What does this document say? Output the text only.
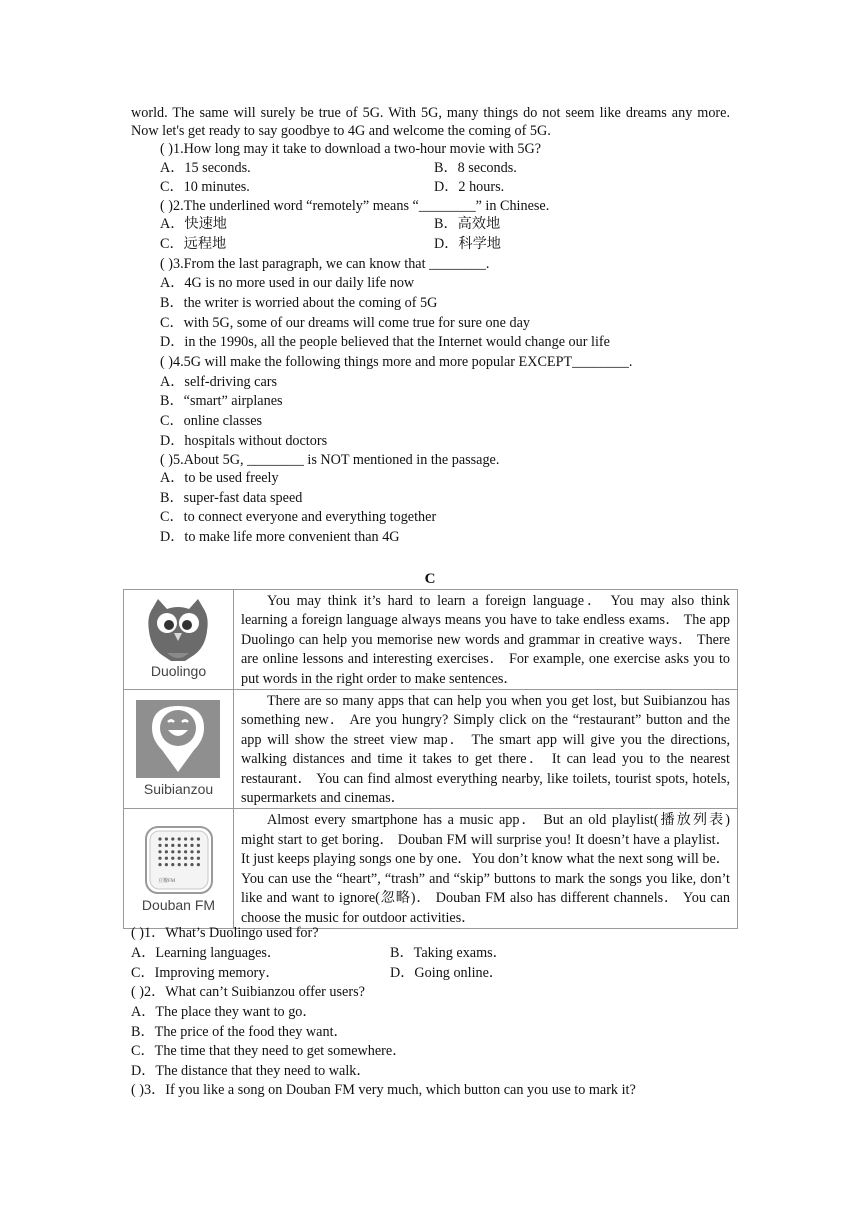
world. The same will surely be true of 5G. With 5G, many things do not seem like dreams any more. Now let's get ready to say goodbye to 4G and welcome the coming of 5G.
( )1.How long may it take to download a two-hour movie with 5G?
A．15 seconds.	B．8 seconds.
C．10 minutes.	D．2 hours.
( )2.The underlined word “remotely” means “________” in Chinese.
A．快速地	B．高效地
C．远程地	D．科学地
( )3.From the last paragraph, we can know that ________.
A．4G is no more used in our daily life now
B．the writer is worried about the coming of 5G
C．with 5G, some of our dreams will come true for sure one day
D．in the 1990s, all the people believed that the Internet would change our life
( )4.5G will make the following things more and more popular EXCEPT________.
A．self-driving cars
B．“smart” airplanes
C．online classes
D．hospitals without doctors
( )5.About 5G, ________ is NOT mentioned in the passage.
A．to be used freely
B．super-fast data speed
C．to connect everyone and everything together
D．to make life more convenient than 4G
C
Duolingo	You may think it’s hard to learn a foreign language． You may also think learning a foreign language always means you have to take endless exams． The app Duolingo can help you memorise new words and grammar in creative ways． There are online lessons and interesting exercises． For example, one exercise asks you to put words in the right order to make sentences．

Suibianzou	There are so many apps that can help you when you get lost, but Suibianzou has something new． Are you hungry? Simply click on the “restaurant” button and the app will show the street view map． The smart app will give you the directions, walking distances and time it takes to get there． It can lead you to the nearest restaurant． You can find almost everything nearby, like toilets, tourist spots, hotels, supermarkets and cinemas．

豆瓣FM
Douban FM	Almost every smartphone has a music app． But an old playlist(播放列表) might start to get boring． Douban FM will surprise you! It doesn’t have a playlist．It just keeps playing songs one by one．You don’t know what the next song will be． You can use the “heart”, “trash” and “skip” buttons to mark the songs you like, don’t like and want to ignore(忽略)． Douban FM also has different channels． You can choose the music for outdoor activities．
( )1．What’s Duolingo used for?
A．Learning languages．	B．Taking exams．
C．Improving memory．	D．Going online．
( )2．What can’t Suibianzou offer users?
A．The place they want to go．
B．The price of the food they want．
C．The time that they need to get somewhere．
D．The distance that they need to walk．
( )3．If you like a song on Douban FM very much, which button can you use to mark it?
